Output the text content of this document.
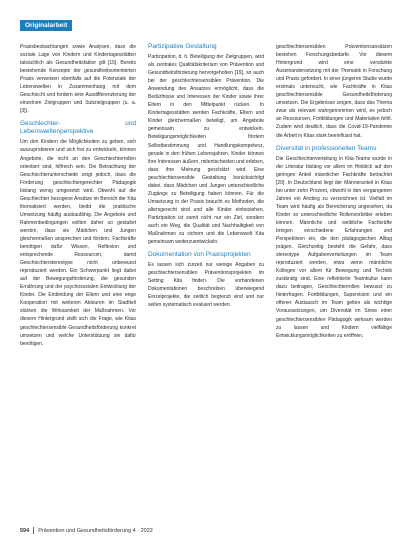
Originalarbeit

Praxisbeobachtungen sowie Analysen, dass die soziale Lage von Kindern und Kindertagesstätten tatsächlich als Gesundheitsfaktor gilt [15]. Bereits bestehende Konzepte der gesundheitsorientierten Praxis verweisen ebenfalls auf die Potenziale der Lebenswelten in Zusammenhang mit dem Geschlecht und fordern eine Ausdifferenzierung der einzelnen Zielgruppen und Subzielgruppen (u. a. [3]).

Geschlechter- und Lebensweltenperspektive

Um den Kindern die Möglichkeiten zu geben, sich auszuprobieren und sich frei zu entwickeln, können Angebote, die nicht an den Geschlechterrollen orientiert sind, hilfreich sein. Die Betrachtung der Geschlechterunterschiede zeigt jedoch, dass die Förderung geschlechtergerechter Pädagogik bislang wenig umgesetzt wird. Obwohl auf die Geschlechter bezogene Ansätze im Bereich der Kita thematisiert werden, bleibt die praktische Umsetzung häufig ausbaufähig. Die Angebote und Rahmenbedingungen sollten daher so gestaltet werden, dass sie Mädchen und Jungen gleichermaßen ansprechen und fördern. Fachkräfte benötigen dafür Wissen, Reflexion und entsprechende Ressourcen, damit Geschlechterstereotype nicht unbewusst reproduziert werden. Ein Schwerpunkt liegt dabei auf der Bewegungsförderung, der gesunden Ernährung und der psychosozialen Entwicklung der Kinder. Die Einbindung der Eltern und eine enge Kooperation mit weiteren Akteuren im Stadtteil stärken die Wirksamkeit der Maßnahmen. Vor diesem Hintergrund stellt sich die Frage, wie Kitas geschlechtersensible Gesundheitsförderung konkret umsetzen und welche Unterstützung sie dafür benötigen.

Partizipative Gestaltung

Partizipation, d. h. Beteiligung der Zielgruppen, wird als zentrales Qualitätskriterium von Prävention und Gesundheitsförderung hervorgehoben [19], so auch bei der geschlechtersensiblen Prävention. Die Anwendung des Ansatzes ermöglicht, dass die Bedürfnisse und Interessen der Kinder sowie ihrer Eltern in den Mittelpunkt rücken. In Kindertagesstätten werden Fachkräfte, Eltern und Kinder gleichermaßen beteiligt, um Angebote gemeinsam zu entwickeln. Beteiligungsmöglichkeiten fördern Selbstbestimmung und Handlungskompetenz, gerade in den frühen Lebensjahren. Kinder können ihre Interessen äußern, mitentscheiden und erleben, dass ihre Meinung geschätzt wird. Eine geschlechtersensible Gestaltung berücksichtigt dabei, dass Mädchen und Jungen unterschiedliche Zugänge zu Beteiligung haben können. Für die Umsetzung in der Praxis braucht es Methoden, die altersgerecht sind und alle Kinder einbeziehen. Partizipation ist somit nicht nur ein Ziel, sondern auch ein Weg, die Qualität und Nachhaltigkeit von Maßnahmen zu sichern und die Lebenswelt Kita gemeinsam weiterzuentwickeln.

Dokumentation von Praxisprojekten

Es lassen sich zurzeit nur wenige Angaben zu geschlechtersensiblen Präventionsprojekten im Setting Kita finden. Die vorhandenen Dokumentationen beschreiben überwiegend Einzelprojekte, die zeitlich begrenzt sind und nur selten systematisch evaluiert werden.

geschlechtersensiblen Präventionsansätzen bestehen Forschungsbedarfe. Vor diesem Hintergrund wird eine verstärkte Auseinandersetzung mit der Thematik in Forschung und Praxis gefordert. In einer jüngeren Studie wurde erstmals untersucht, wie Fachkräfte in Kitas geschlechtersensible Gesundheitsförderung umsetzen. Die Ergebnisse zeigen, dass das Thema zwar als relevant wahrgenommen wird, es jedoch an Ressourcen, Fortbildungen und Materialien fehlt. Zudem wird deutlich, dass die Covid-19-Pandemie die Arbeit in Kitas stark beeinflusst hat.

Diversität in professionellen Teams

Die Geschlechterverteilung in Kita-Teams wurde in der Literatur bislang vor allem im Hinblick auf den geringen Anteil männlicher Fachkräfte betrachtet [20]. In Deutschland liegt der Männeranteil in Kitas bei unter zehn Prozent, obwohl in den vergangenen Jahren ein Anstieg zu verzeichnen ist. Vielfalt im Team wird häufig als Bereicherung angesehen, da Kinder so unterschiedliche Rollenvorbilder erleben können. Männliche und weibliche Fachkräfte bringen verschiedene Erfahrungen und Perspektiven ein, die den pädagogischen Alltag prägen. Gleichzeitig besteht die Gefahr, dass stereotype Aufgabenverteilungen im Team reproduziert werden, etwa wenn männliche Kollegen vor allem für Bewegung und Technik zuständig sind. Eine reflektierte Teamkultur kann dazu beitragen, Geschlechterrollen bewusst zu hinterfragen. Fortbildungen, Supervision und ein offener Austausch im Team gelten als wichtige Voraussetzungen, um Diversität im Sinne einer geschlechtersensiblen Pädagogik wirksam werden zu lassen und Kindern vielfältige Entwicklungsmöglichkeiten zu eröffnen.

594 Prävention und Gesundheitsförderung 4 · 2022
